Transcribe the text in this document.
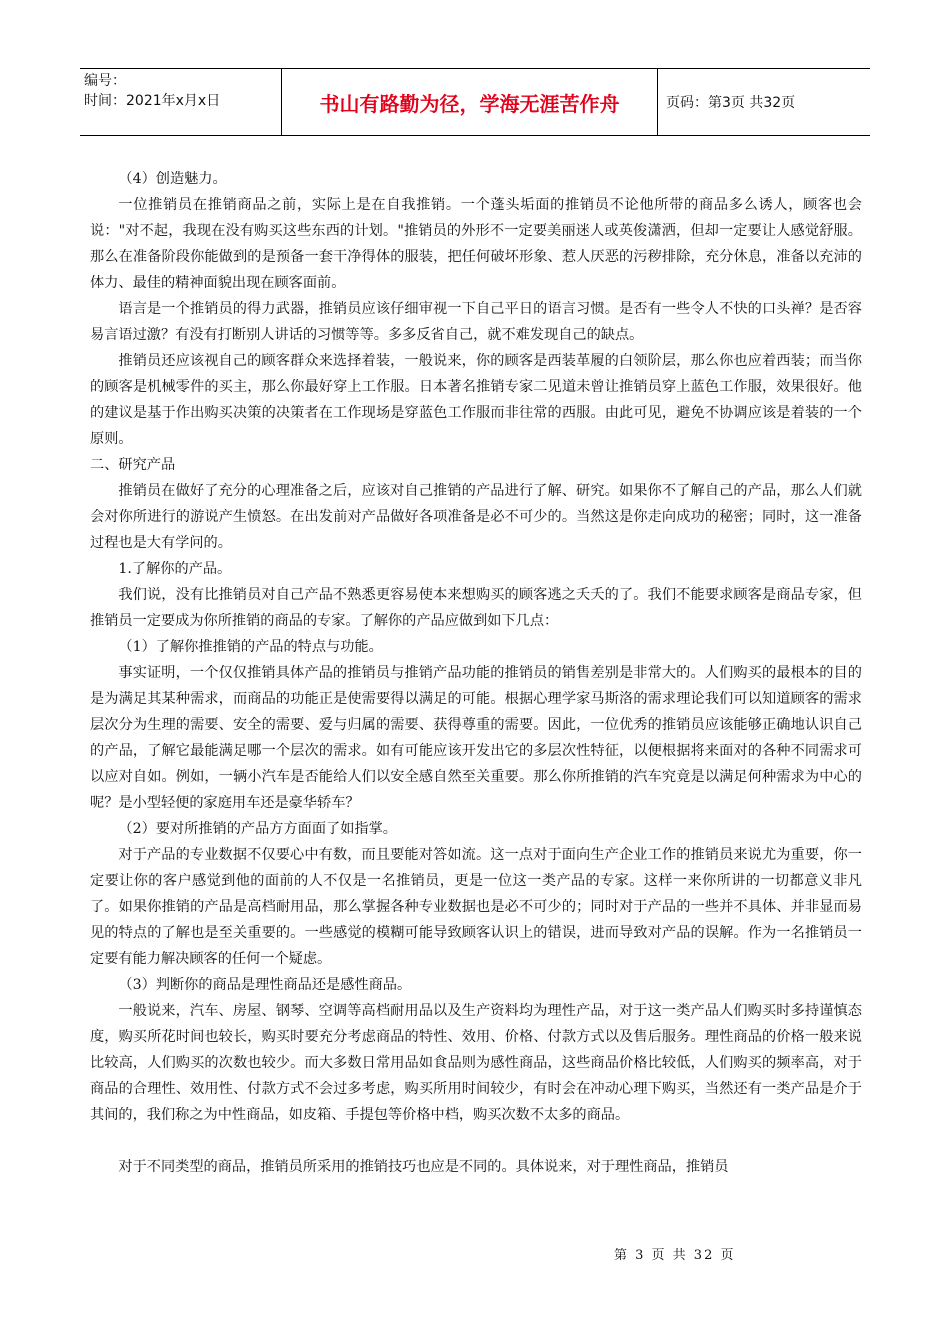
编号：
时间：2021年x月x日	书山有路勤为径，学海无涯苦作舟	页码：第3页 共32页

（4）创造魅力。

一位推销员在推销商品之前，实际上是在自我推销。一个蓬头垢面的推销员不论他所带的商品多么诱人，顾客也会说："对不起，我现在没有购买这些东西的计划。"推销员的外形不一定要美丽迷人或英俊潇洒，但却一定要让人感觉舒服。那么在准备阶段你能做到的是预备一套干净得体的服装，把任何破坏形象、惹人厌恶的污秽排除，充分休息，准备以充沛的体力、最佳的精神面貌出现在顾客面前。

语言是一个推销员的得力武器，推销员应该仔细审视一下自己平日的语言习惯。是否有一些令人不快的口头禅？是否容易言语过激？有没有打断别人讲话的习惯等等。多多反省自己，就不难发现自己的缺点。

推销员还应该视自己的顾客群众来选择着装，一般说来，你的顾客是西装革履的白领阶层，那么你也应着西装；而当你的顾客是机械零件的买主，那么你最好穿上工作服。日本著名推销专家二见道未曾让推销员穿上蓝色工作服，效果很好。他的建议是基于作出购买决策的决策者在工作现场是穿蓝色工作服而非往常的西服。由此可见，避免不协调应该是着装的一个原则。

二、研究产品

推销员在做好了充分的心理准备之后，应该对自己推销的产品进行了解、研究。如果你不了解自己的产品，那么人们就会对你所进行的游说产生愤怒。在出发前对产品做好各项准备是必不可少的。当然这是你走向成功的秘密；同时，这一准备过程也是大有学问的。

1.了解你的产品。

我们说，没有比推销员对自己产品不熟悉更容易使本来想购买的顾客逃之夭夭的了。我们不能要求顾客是商品专家，但推销员一定要成为你所推销的商品的专家。了解你的产品应做到如下几点：

（1）了解你推推销的产品的特点与功能。

事实证明，一个仅仅推销具体产品的推销员与推销产品功能的推销员的销售差别是非常大的。人们购买的最根本的目的是为满足其某种需求，而商品的功能正是使需要得以满足的可能。根据心理学家马斯洛的需求理论我们可以知道顾客的需求层次分为生理的需要、安全的需要、爱与归属的需要、获得尊重的需要。因此，一位优秀的推销员应该能够正确地认识自己的产品，了解它最能满足哪一个层次的需求。如有可能应该开发出它的多层次性特征，以便根据将来面对的各种不同需求可以应对自如。例如，一辆小汽车是否能给人们以安全感自然至关重要。那么你所推销的汽车究竟是以满足何种需求为中心的呢？是小型轻便的家庭用车还是豪华轿车？

（2）要对所推销的产品方方面面了如指掌。

对于产品的专业数据不仅要心中有数，而且要能对答如流。这一点对于面向生产企业工作的推销员来说尤为重要，你一定要让你的客户感觉到他的面前的人不仅是一名推销员，更是一位这一类产品的专家。这样一来你所讲的一切都意义非凡了。如果你推销的产品是高档耐用品，那么掌握各种专业数据也是必不可少的；同时对于产品的一些并不具体、并非显而易见的特点的了解也是至关重要的。一些感觉的模糊可能导致顾客认识上的错误，进而导致对产品的误解。作为一名推销员一定要有能力解决顾客的任何一个疑虑。

（3）判断你的商品是理性商品还是感性商品。

一般说来，汽车、房屋、钢琴、空调等高档耐用品以及生产资料均为理性产品，对于这一类产品人们购买时多持谨慎态度，购买所花时间也较长，购买时要充分考虑商品的特性、效用、价格、付款方式以及售后服务。理性商品的价格一般来说比较高，人们购买的次数也较少。而大多数日常用品如食品则为感性商品，这些商品价格比较低，人们购买的频率高，对于商品的合理性、效用性、付款方式不会过多考虑，购买所用时间较少，有时会在冲动心理下购买，当然还有一类产品是介于其间的，我们称之为中性商品，如皮箱、手提包等价格中档，购买次数不太多的商品。

对于不同类型的商品，推销员所采用的推销技巧也应是不同的。具体说来，对于理性商品，推销员

第 3 页 共 32 页
